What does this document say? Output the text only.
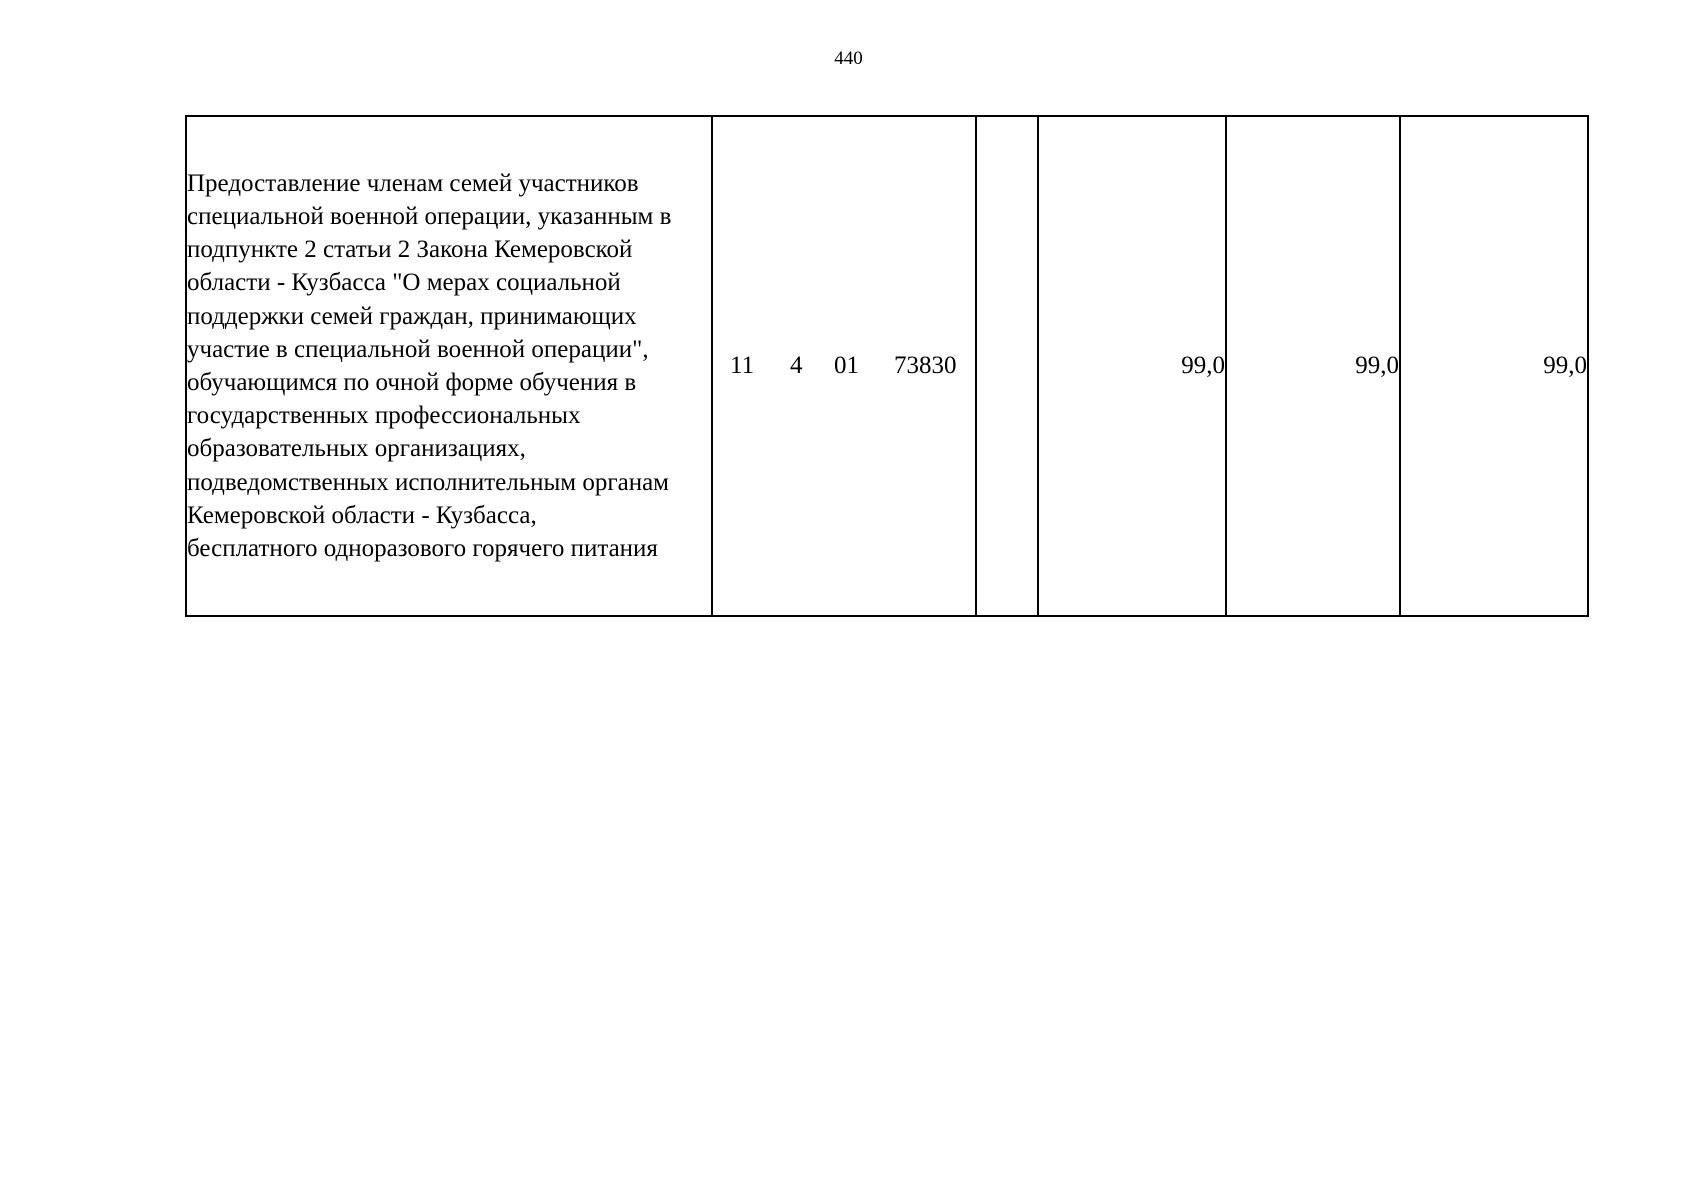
440
Предоставление членам семей участников
специальной военной операции, указанным в
подпункте 2 статьи 2 Закона Кемеровской
области - Кузбасса "О мерах социальной
поддержки семей граждан, принимающих
участие в специальной военной операции",
обучающимся по очной форме обучения в
государственных профессиональных
образовательных организациях,
подведомственных исполнительным органам
Кемеровской области - Кузбасса,
бесплатного одноразового горячего питания	
11 4 01 73830		99,0	99,0	99,0
